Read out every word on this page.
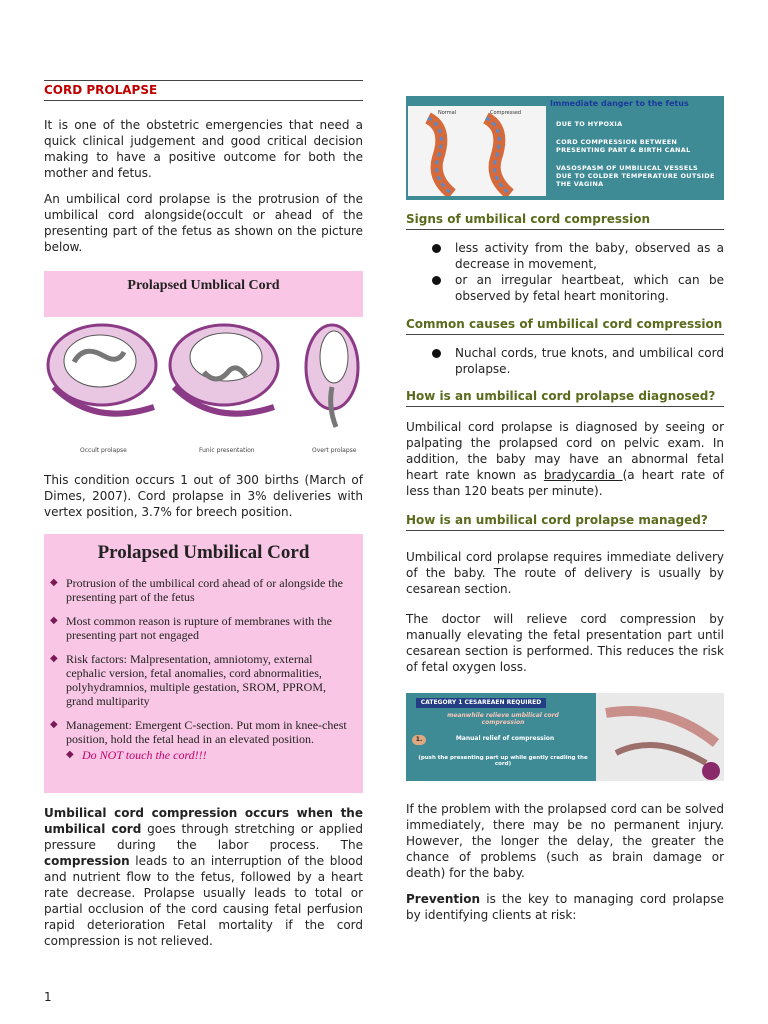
CORD PROLAPSE

It is one of the obstetric emergencies that need a quick clinical judgement and good critical decision making to have a positive outcome for both the mother and fetus.

An umbilical cord prolapse is the protrusion of the umbilical cord alongside(occult or ahead of the presenting part of the fetus as shown on the picture below.

Prolapsed Umblical Cord
Occult prolapse	Funic presentation	Overt prolapse

This condition occurs 1 out of 300 births (March of Dimes, 2007). Cord prolapse in 3% deliveries with vertex position, 3.7% for breech position.

Prolapsed Umbilical Cord
◆ Protrusion of the umbilical cord ahead of or alongside the presenting part of the fetus
◆ Most common reason is rupture of membranes with the presenting part not engaged
◆ Risk factors: Malpresentation, amniotomy, external cephalic version, fetal anomalies, cord abnormalities, polyhydramnios, multiple gestation, SROM, PPROM, grand multiparity
◆ Management: Emergent C-section. Put mom in knee-chest position, hold the fetal head in an elevated position.
◆ Do NOT touch the cord!!!

Umbilical cord compression occurs when the umbilical cord goes through stretching or applied pressure during the labor process. The compression leads to an interruption of the blood and nutrient flow to the fetus, followed by a heart rate decrease. Prolapse usually leads to total or partial occlusion of the cord causing fetal perfusion rapid deterioration Fetal mortality if the cord compression is not relieved.

Normal	Compressed
Immediate danger to the fetus
DUE TO HYPOXIA
CORD COMPRESSION BETWEEN PRESENTING PART & BIRTH CANAL
VASOSPASM OF UMBILICAL VESSELS DUE TO COLDER TEMPERATURE OUTSIDE THE VAGINA
Signs of umbilical cord compression
less activity from the baby, observed as a decrease in movement,
or an irregular heartbeat, which can be observed by fetal heart monitoring.
Common causes of umbilical cord compression
Nuchal cords, true knots, and umbilical cord prolapse.
How is an umbilical cord prolapse diagnosed?

Umbilical cord prolapse is diagnosed by seeing or palpating the prolapsed cord on pelvic exam. In addition, the baby may have an abnormal fetal heart rate known as bradycardia (a heart rate of less than 120 beats per minute).

How is an umbilical cord prolapse managed?

Umbilical cord prolapse requires immediate delivery of the baby. The route of delivery is usually by cesarean section.

The doctor will relieve cord compression by manually elevating the fetal presentation part until cesarean section is performed. This reduces the risk of fetal oxygen loss.

CATEGORY 1 CESAREAEN REQUIRED
meanwhile relieve umbilical cord compression
1.	Manual relief of compression
(push the presenting part up while gently cradling the cord)

If the problem with the prolapsed cord can be solved immediately, there may be no permanent injury. However, the longer the delay, the greater the chance of problems (such as brain damage or death) for the baby.

Prevention is the key to managing cord prolapse by identifying clients at risk:

1
